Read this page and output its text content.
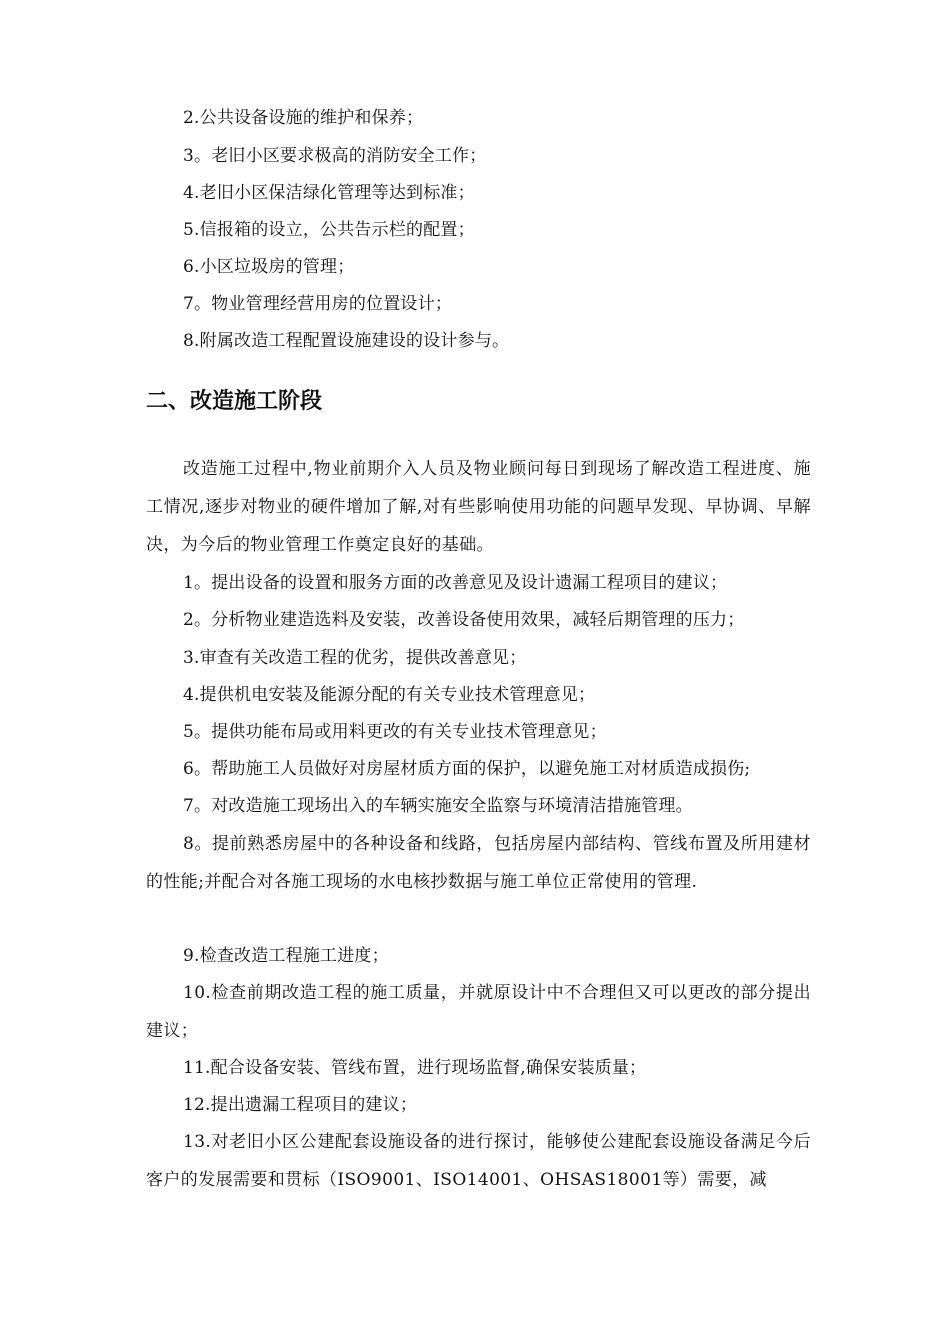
2.公共设备设施的维护和保养；
3。老旧小区要求极高的消防安全工作；
4.老旧小区保洁绿化管理等达到标准；
5.信报箱的设立，公共告示栏的配置；
6.小区垃圾房的管理；
7。物业管理经营用房的位置设计；
8.附属改造工程配置设施建设的设计参与。
二、改造施工阶段
改造施工过程中,物业前期介入人员及物业顾问每日到现场了解改造工程进度、施工情况,逐步对物业的硬件增加了解,对有些影响使用功能的问题早发现、早协调、早解决，为今后的物业管理工作奠定良好的基础。
1。提出设备的设置和服务方面的改善意见及设计遗漏工程项目的建议；
2。分析物业建造选料及安装，改善设备使用效果，减轻后期管理的压力；
3.审查有关改造工程的优劣，提供改善意见；
4.提供机电安装及能源分配的有关专业技术管理意见；
5。提供功能布局或用料更改的有关专业技术管理意见；
6。帮助施工人员做好对房屋材质方面的保护，以避免施工对材质造成损伤;
7。对改造施工现场出入的车辆实施安全监察与环境清洁措施管理。
8。提前熟悉房屋中的各种设备和线路，包括房屋内部结构、管线布置及所用建材的性能;并配合对各施工现场的水电核抄数据与施工单位正常使用的管理.
9.检查改造工程施工进度；
10.检查前期改造工程的施工质量，并就原设计中不合理但又可以更改的部分提出建议；
11.配合设备安装、管线布置，进行现场监督,确保安装质量；
12.提出遗漏工程项目的建议；
13.对老旧小区公建配套设施设备的进行探讨，能够使公建配套设施设备满足今后客户的发展需要和贯标（ISO9001、ISO14001、OHSAS18001等）需要，减
